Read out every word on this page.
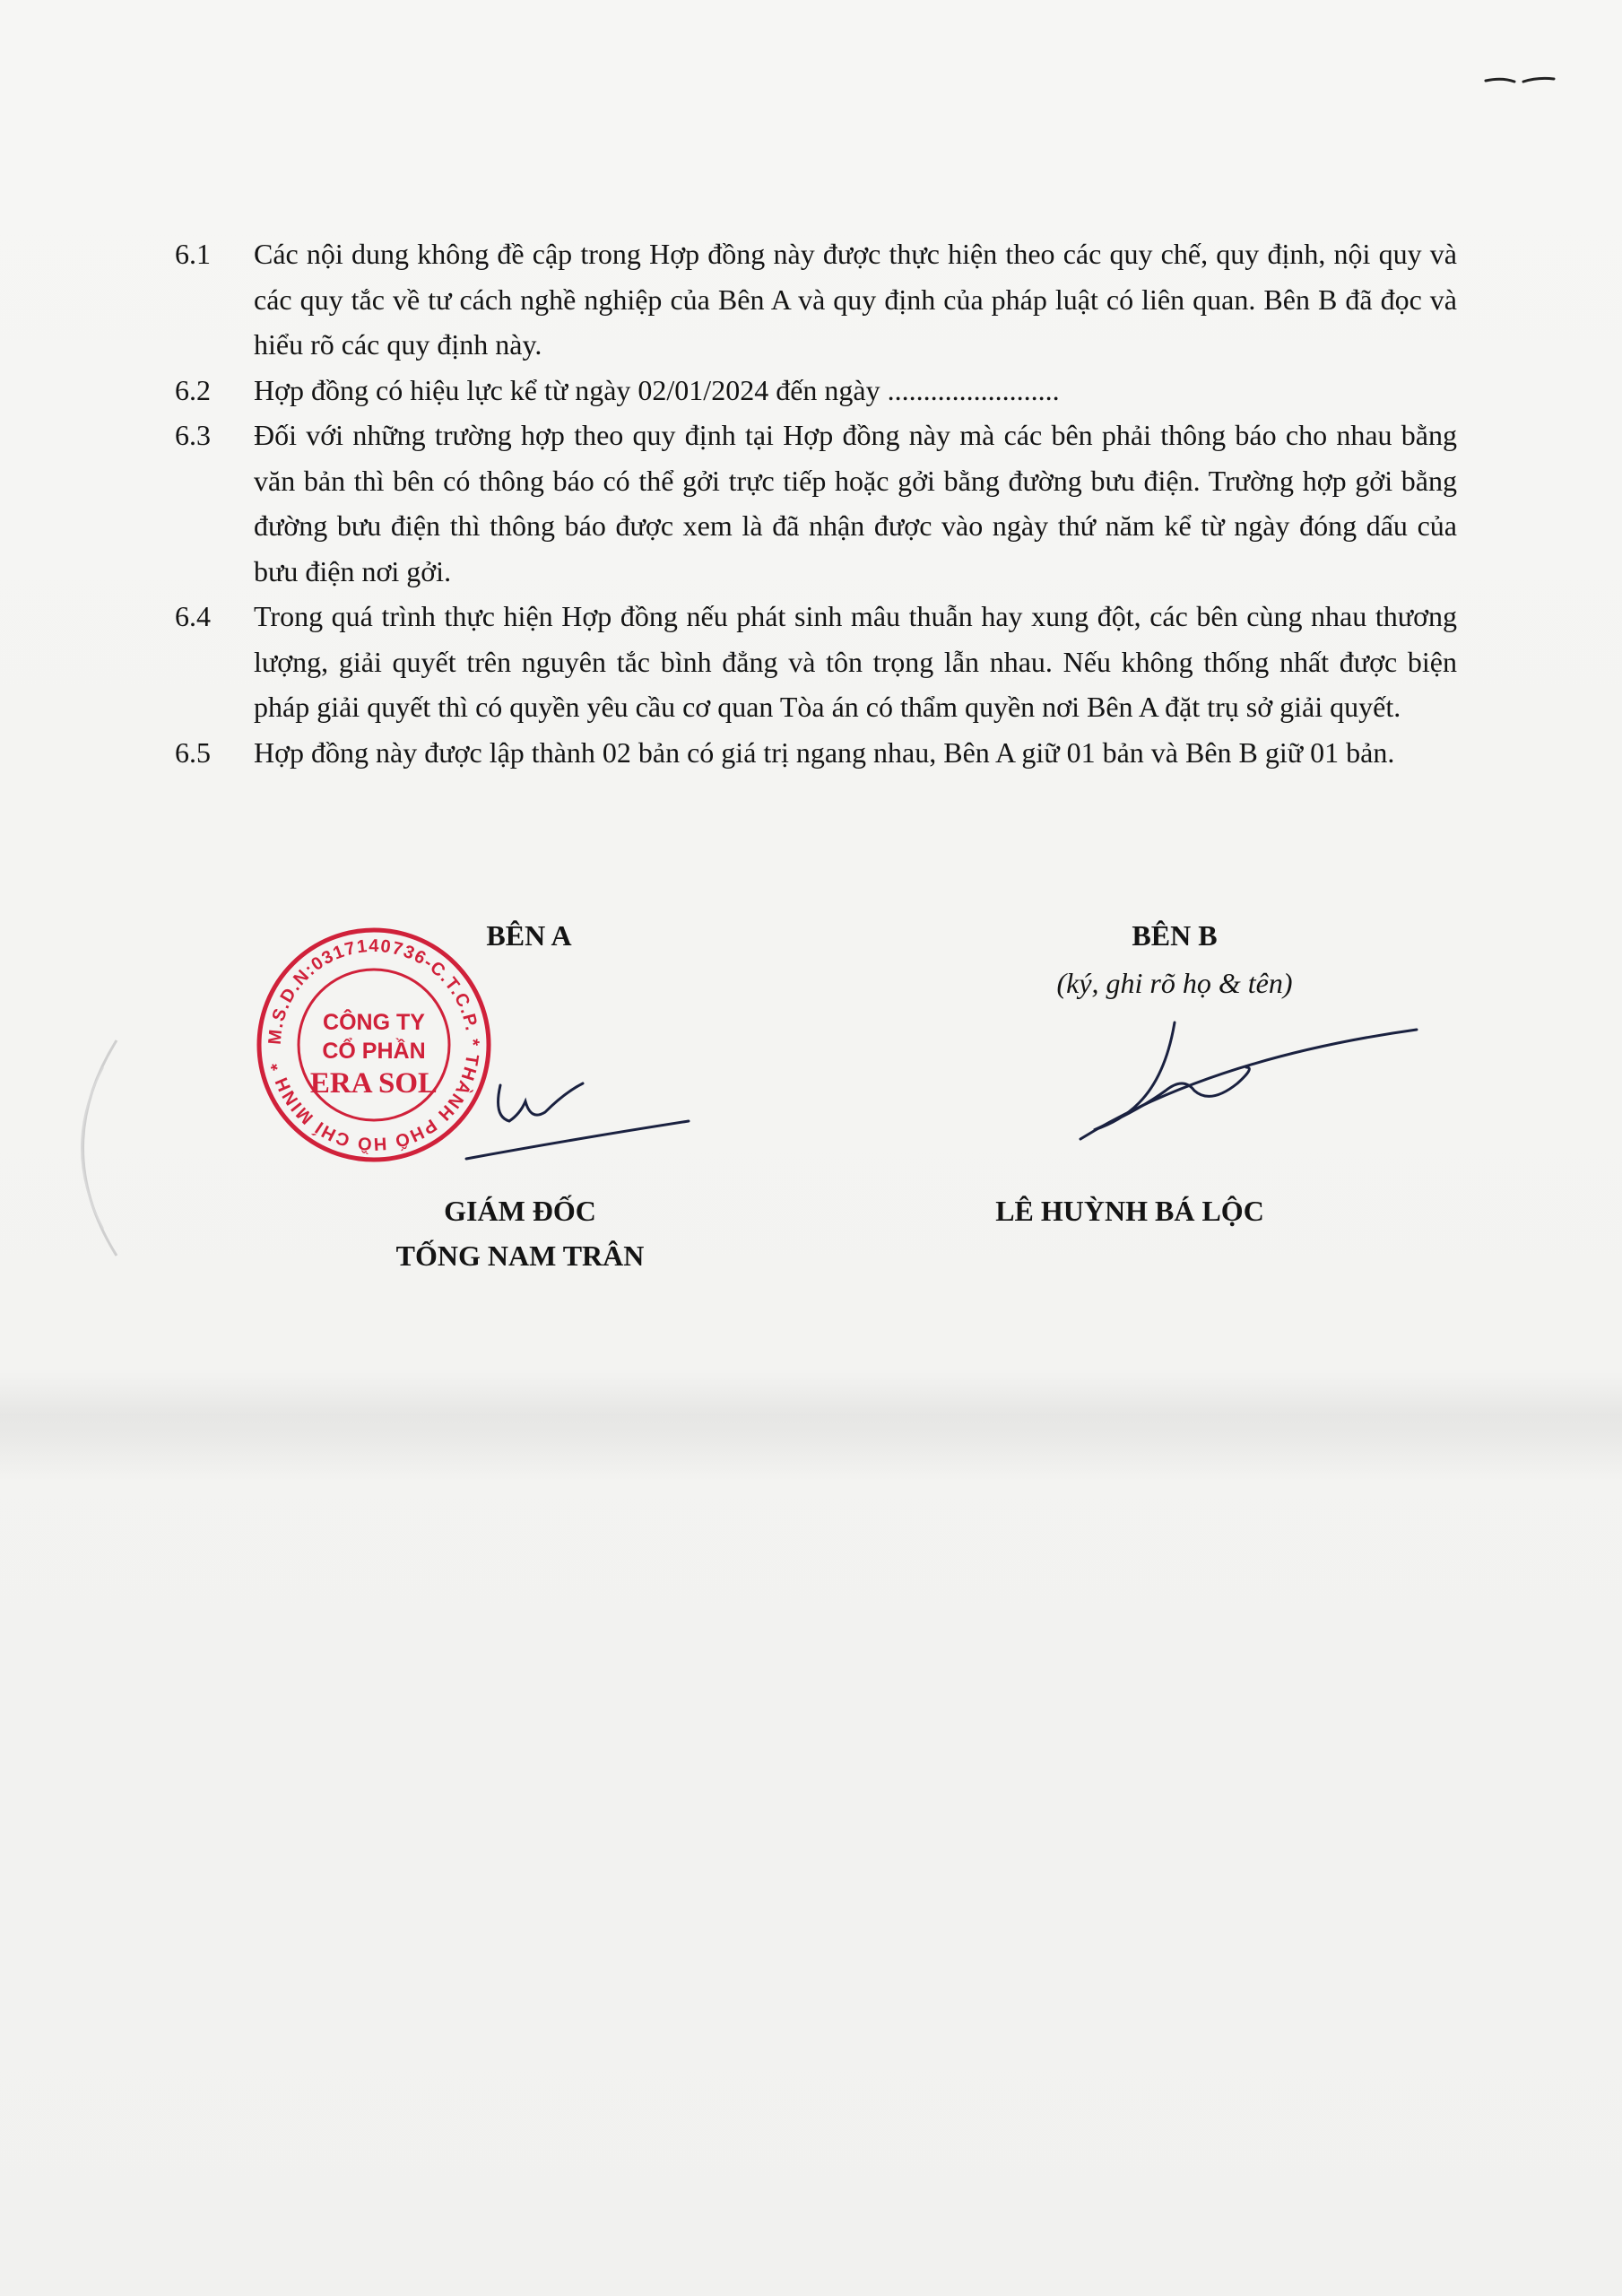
6.1 Các nội dung không đề cập trong Hợp đồng này được thực hiện theo các quy chế, quy định, nội quy và các quy tắc về tư cách nghề nghiệp của Bên A và quy định của pháp luật có liên quan. Bên B đã đọc và hiểu rõ các quy định này.
6.2 Hợp đồng có hiệu lực kể từ ngày 02/01/2024 đến ngày ........................
6.3 Đối với những trường hợp theo quy định tại Hợp đồng này mà các bên phải thông báo cho nhau bằng văn bản thì bên có thông báo có thể gởi trực tiếp hoặc gởi bằng đường bưu điện. Trường hợp gởi bằng đường bưu điện thì thông báo được xem là đã nhận được vào ngày thứ năm kể từ ngày đóng dấu của bưu điện nơi gởi.
6.4 Trong quá trình thực hiện Hợp đồng nếu phát sinh mâu thuẫn hay xung đột, các bên cùng nhau thương lượng, giải quyết trên nguyên tắc bình đẳng và tôn trọng lẫn nhau. Nếu không thống nhất được biện pháp giải quyết thì có quyền yêu cầu cơ quan Tòa án có thẩm quyền nơi Bên A đặt trụ sở giải quyết.
6.5 Hợp đồng này được lập thành 02 bản có giá trị ngang nhau, Bên A giữ 01 bản và Bên B giữ 01 bản.
M.S.D.N:0317140736-C.T.C.P. * THÀNH PHỐ HỒ CHÍ MINH *
CÔNG TY
CỔ PHẦN
ERA SOL
BÊN A	BÊN B
(ký, ghi rõ họ & tên)
GIÁM ĐỐC
TỐNG NAM TRÂN
LÊ HUỲNH BÁ LỘC
